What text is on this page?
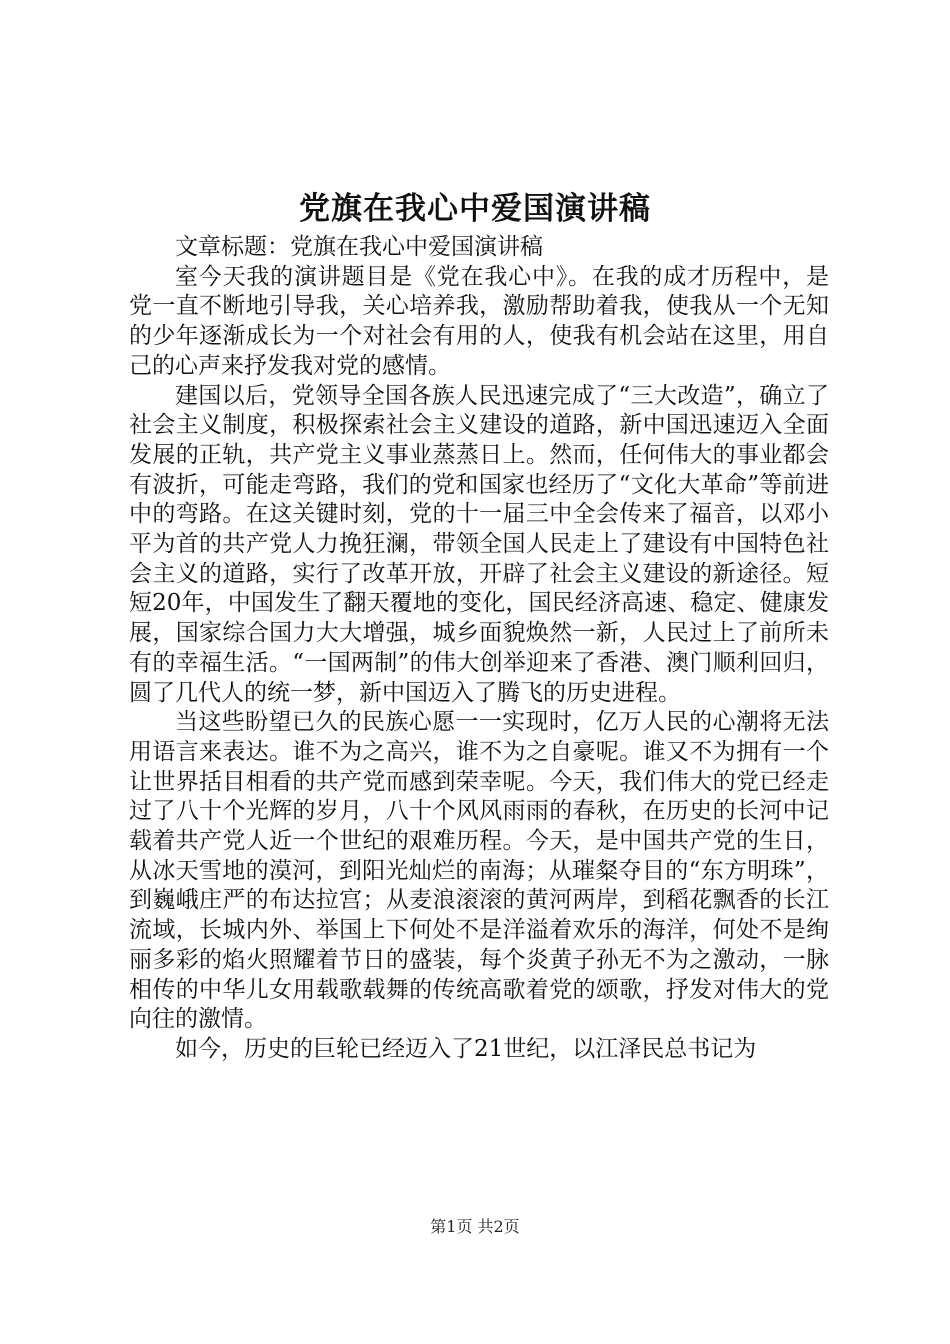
党旗在我心中爱国演讲稿

文章标题：党旗在我心中爱国演讲稿

室今天我的演讲题目是《党在我心中》。在我的成才历程中，是党一直不断地引导我，关心培养我，激励帮助着我，使我从一个无知的少年逐渐成长为一个对社会有用的人，使我有机会站在这里，用自己的心声来抒发我对党的感情。

建国以后，党领导全国各族人民迅速完成了“三大改造”，确立了社会主义制度，积极探索社会主义建设的道路，新中国迅速迈入全面发展的正轨，共产党主义事业蒸蒸日上。然而，任何伟大的事业都会有波折，可能走弯路，我们的党和国家也经历了“文化大革命”等前进中的弯路。在这关键时刻，党的十一届三中全会传来了福音，以邓小平为首的共产党人力挽狂澜，带领全国人民走上了建设有中国特色社会主义的道路，实行了改革开放，开辟了社会主义建设的新途径。短短20年，中国发生了翻天覆地的变化，国民经济高速、稳定、健康发展，国家综合国力大大增强，城乡面貌焕然一新，人民过上了前所未有的幸福生活。“一国两制”的伟大创举迎来了香港、澳门顺利回归，圆了几代人的统一梦，新中国迈入了腾飞的历史进程。

当这些盼望已久的民族心愿一一实现时，亿万人民的心潮将无法用语言来表达。谁不为之高兴，谁不为之自豪呢。谁又不为拥有一个让世界括目相看的共产党而感到荣幸呢。今天，我们伟大的党已经走过了八十个光辉的岁月，八十个风风雨雨的春秋，在历史的长河中记载着共产党人近一个世纪的艰难历程。今天，是中国共产党的生日，从冰天雪地的漠河，到阳光灿烂的南海；从璀粲夺目的“东方明珠”，到巍峨庄严的布达拉宫；从麦浪滚滚的黄河两岸，到稻花飘香的长江流域，长城内外、举国上下何处不是洋溢着欢乐的海洋，何处不是绚丽多彩的焰火照耀着节日的盛装，每个炎黄子孙无不为之激动，一脉相传的中华儿女用载歌载舞的传统高歌着党的颂歌，抒发对伟大的党向往的激情。

如今，历史的巨轮已经迈入了21世纪，以江泽民总书记为

第1页 共2页
